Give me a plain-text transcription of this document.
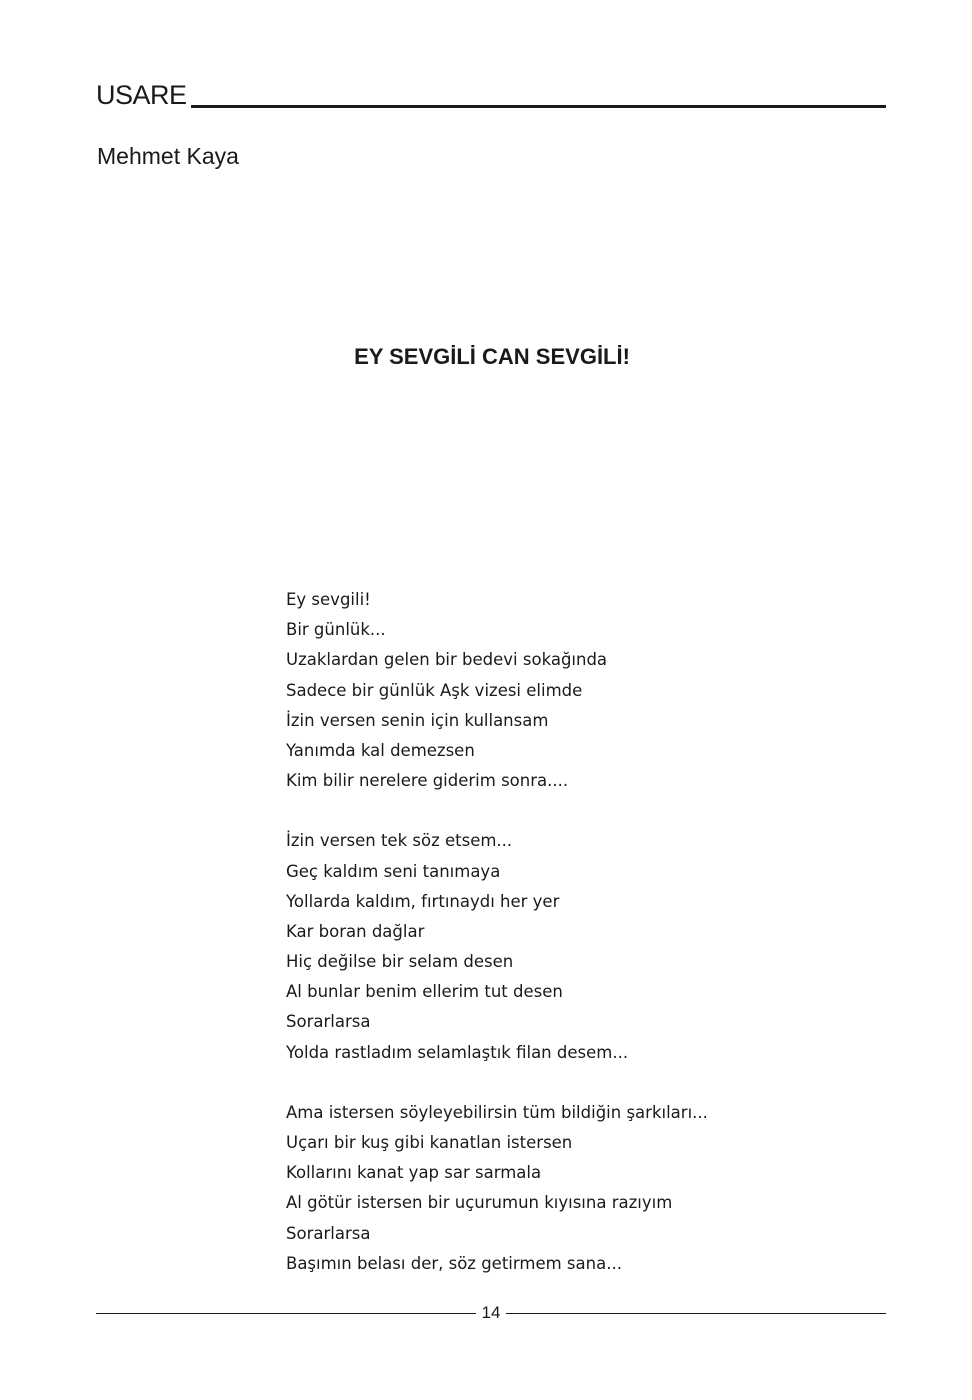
USARE
Mehmet Kaya
EY SEVGİLİ CAN SEVGİLİ!
Ey sevgili!
Bir günlük...
Uzaklardan gelen bir bedevi sokağında
Sadece bir günlük Aşk vizesi elimde
İzin versen senin için kullansam
Yanımda kal demezsen
Kim bilir nerelere giderim sonra....
İzin versen tek söz etsem...
Geç kaldım seni tanımaya
Yollarda kaldım, fırtınaydı her yer
Kar boran dağlar
Hiç değilse bir selam desen
Al bunlar benim ellerim tut desen
Sorarlarsa
Yolda rastladım selamlaştık filan desem...
Ama istersen söyleyebilirsin tüm bildiğin şarkıları...
Uçarı bir kuş gibi kanatlan istersen
Kollarını kanat yap sar sarmala
Al götür istersen bir uçurumun kıyısına razıyım
Sorarlarsa
Başımın belası der, söz getirmem sana...
14
